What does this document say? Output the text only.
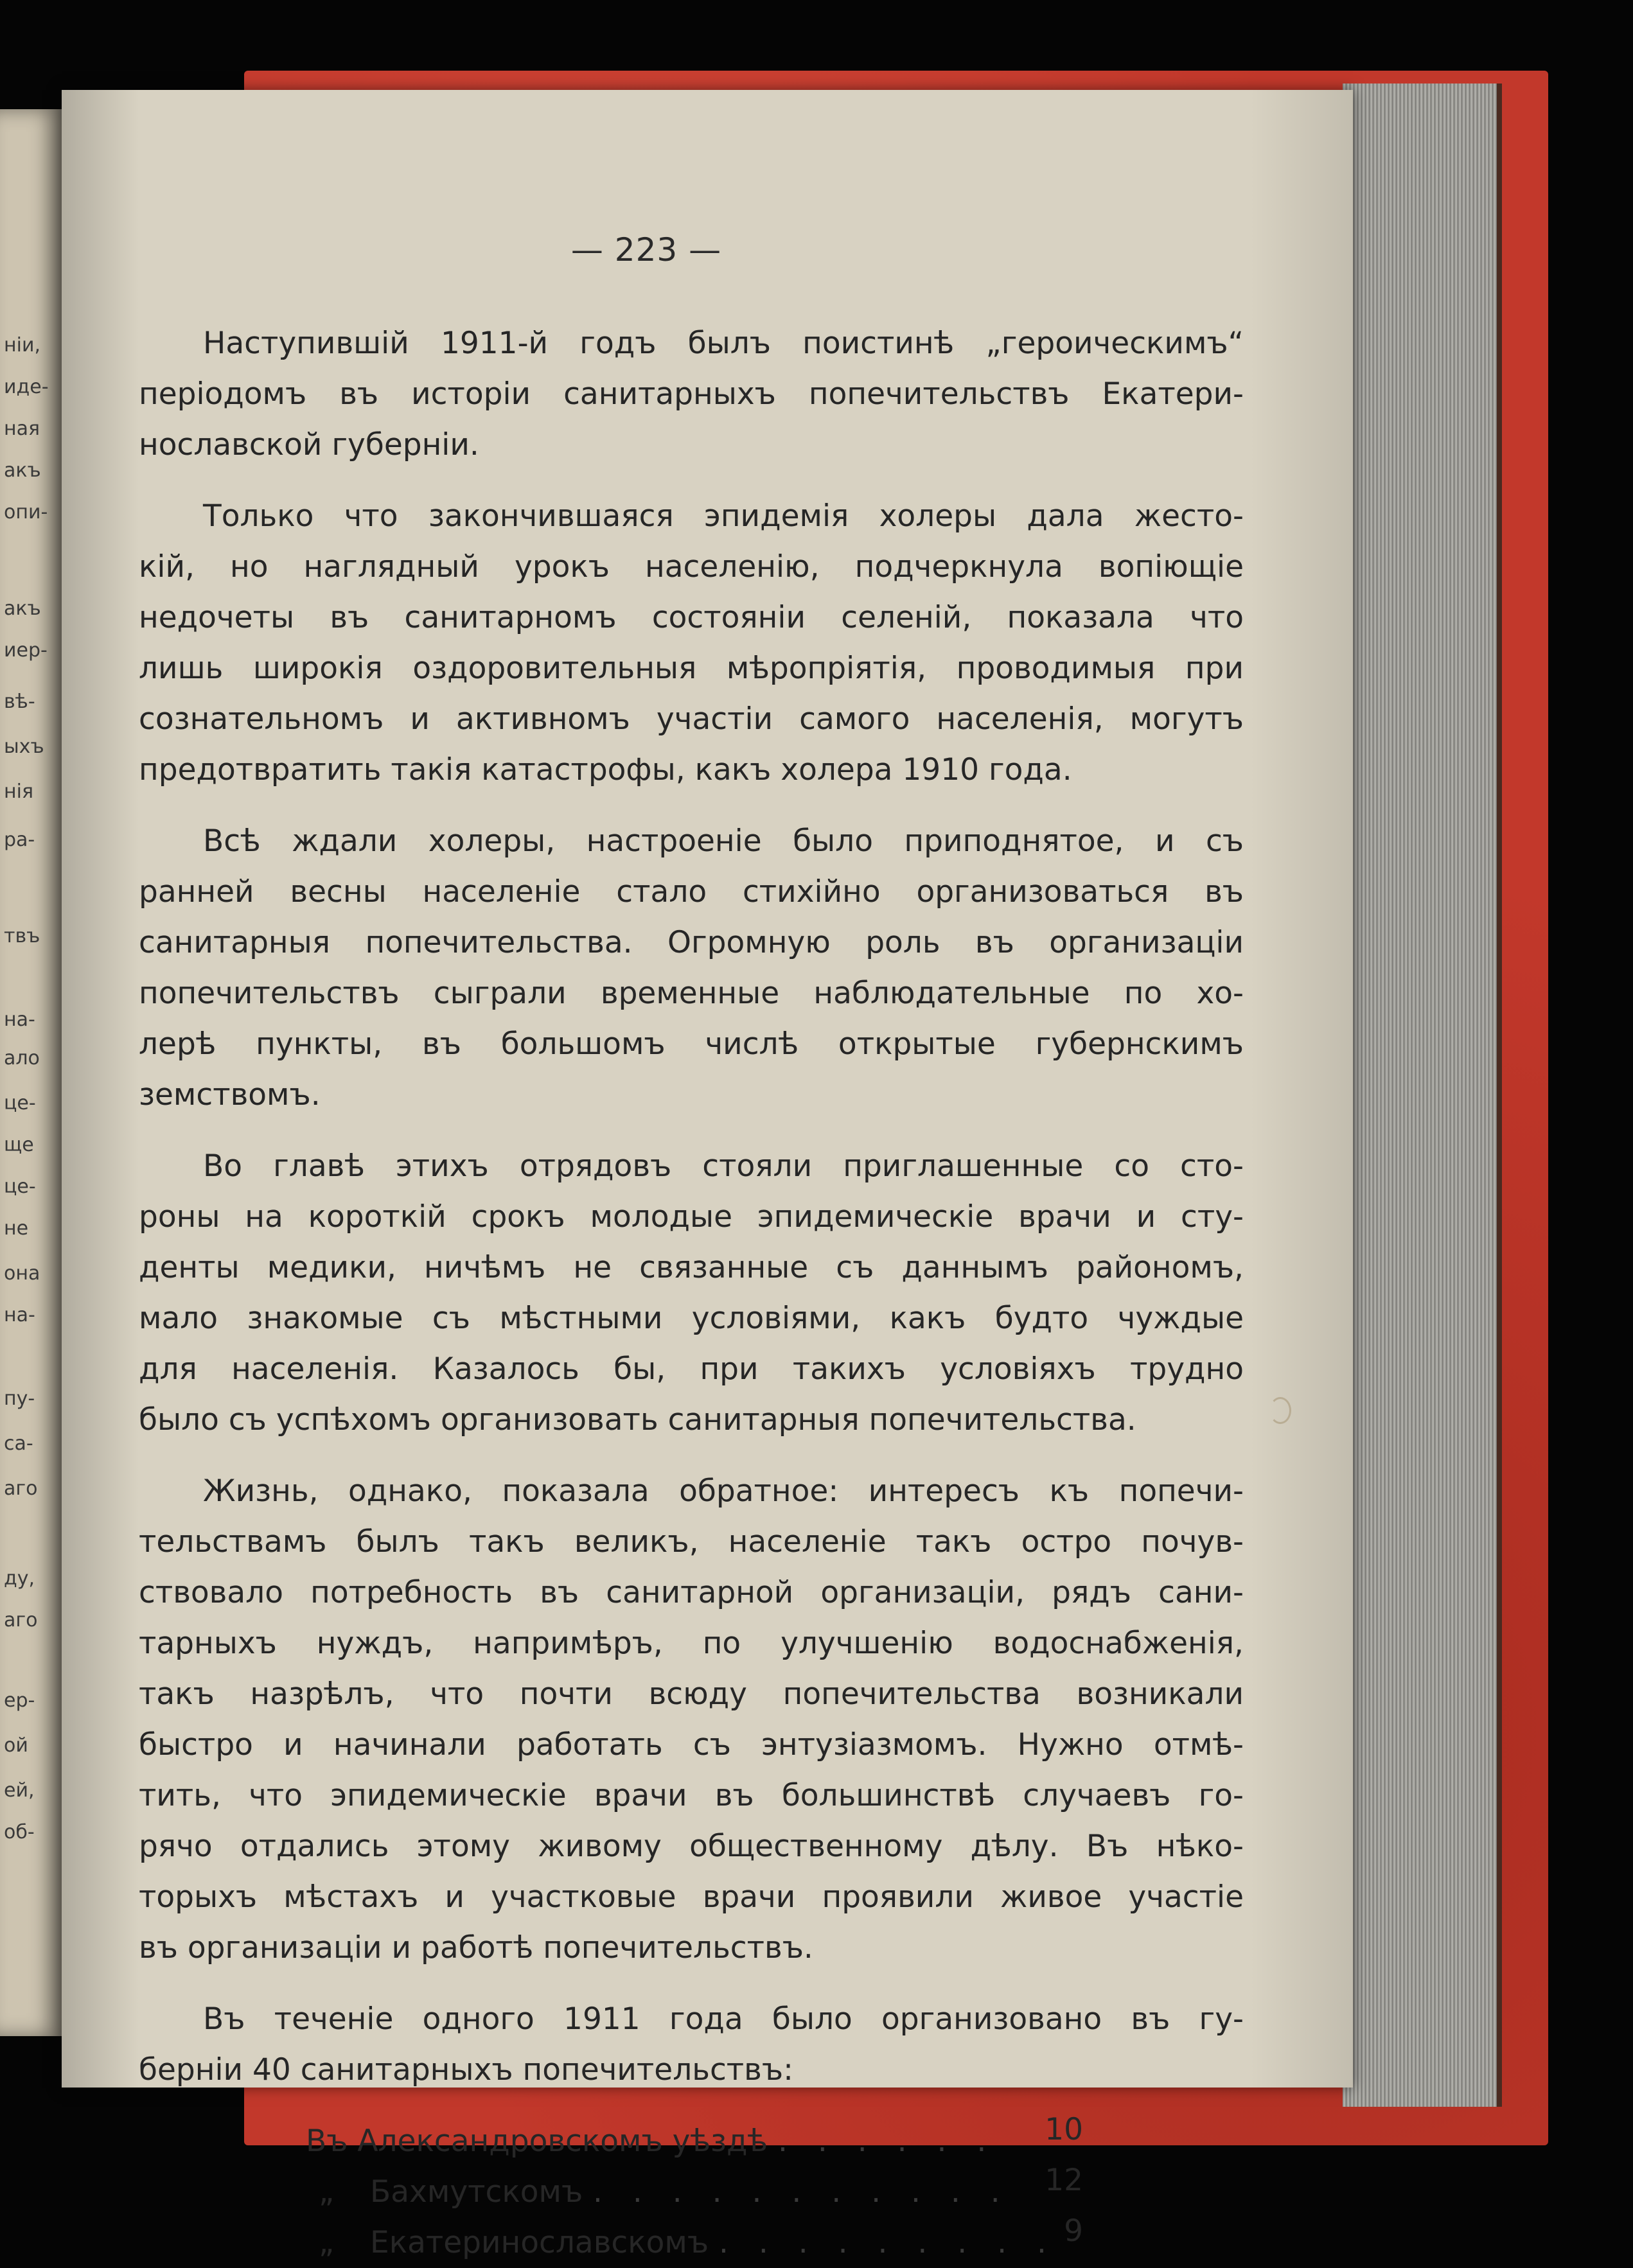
нiи,
иде-
ная
акъ
опи-
акъ
иер-
вѣ-
ыхъ
нiя
ра-
твъ
на-
ало
це-
ще
це-
не
она
на-
пу-
са-
аго
ду,
аго
ер-
ой
ей,
об-
— 223 —
Наступившiй 1911-й годъ былъ поистинѣ „героическимъ“
перiодомъ въ исторiи санитарныхъ попечительствъ Екатери-
нославской губернiи.
Только что закончившаяся эпидемiя холеры дала жесто-
кiй, но наглядный урокъ населенiю, подчеркнула вопiющiе
недочеты въ санитарномъ состоянiи селенiй, показала что
лишь широкiя оздоровительныя мѣропрiятiя, проводимыя при
сознательномъ и активномъ участiи самого населенiя, могутъ
предотвратить такiя катастрофы, какъ холера 1910 года.
Всѣ ждали холеры, настроенiе было приподнятое, и съ
ранней весны населенiе стало стихiйно организоваться въ
санитарныя попечительства. Огромную роль въ организацiи
попечительствъ сыграли временные наблюдательные по хо-
лерѣ пункты, въ большомъ числѣ открытые губернскимъ
земствомъ.
Во главѣ этихъ отрядовъ стояли приглашенные со сто-
роны на короткiй срокъ молодые эпидемическiе врачи и сту-
денты медики, ничѣмъ не связанные съ даннымъ райономъ,
мало знакомые съ мѣстными условiями, какъ будто чуждые
для населенiя. Казалось бы, при такихъ условiяхъ трудно
было съ успѣхомъ организовать санитарныя попечительства.
Жизнь, однако, показала обратное: интересъ къ попечи-
тельствамъ былъ такъ великъ, населенiе такъ остро почув-
ствовало потребность въ санитарной организацiи, рядъ сани-
тарныхъ нуждъ, напримѣръ, по улучшенiю водоснабженiя,
такъ назрѣлъ, что почти всюду попечительства возникали
быстро и начинали работать съ энтузiазмомъ. Нужно отмѣ-
тить, что эпидемическiе врачи въ большинствѣ случаевъ го-
рячо отдались этому живому общественному дѣлу. Въ нѣко-
торыхъ мѣстахъ и участковые врачи проявили живое участiе
въ организацiи и работѣ попечительствъ.
Въ теченiе одного 1911 года было организовано въ гу-
бернiи 40 санитарныхъ попечительствъ:
Въ Александровскомъ уѣздѣ . . . . . .	10
„ Бахмутскомъ . . . . . . . . . . .	12
„ Екатеринославскомъ . . . . . . . . . 9
